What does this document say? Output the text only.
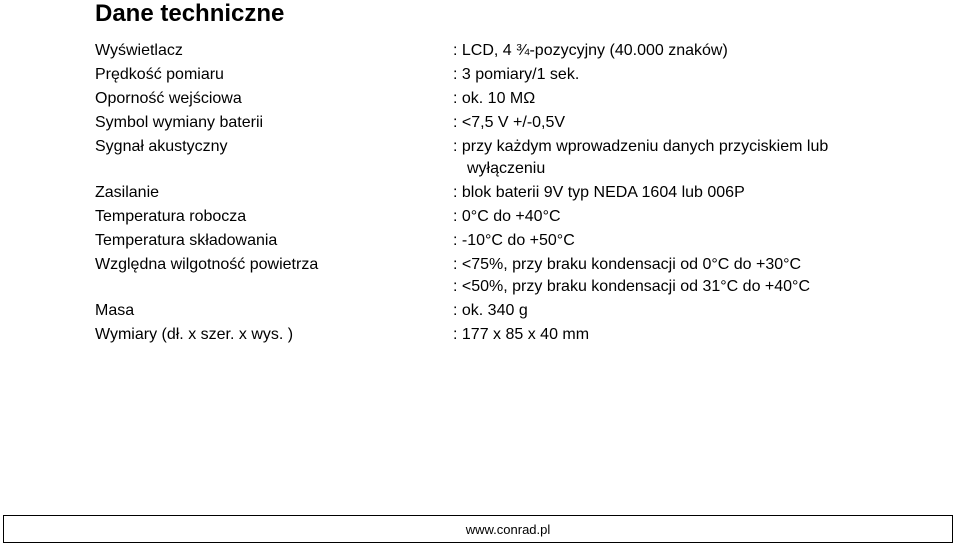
Dane techniczne
Wyświetlacz	: LCD, 4 ¾-pozycyjny (40.000 znaków)
Prędkość pomiaru	: 3 pomiary/1 sek.
Oporność wejściowa	: ok. 10 MΩ
Symbol wymiany baterii	: <7,5 V +/-0,5V
Sygnał akustyczny	: przy każdym wprowadzeniu danych przyciskiem lub
wyłączeniu
Zasilanie	: blok baterii 9V typ NEDA 1604 lub 006P
Temperatura robocza	: 0°C do +40°C
Temperatura składowania	: -10°C do +50°C
Względna wilgotność powietrza	: <75%, przy braku kondensacji od 0°C do +30°C
: <50%, przy braku kondensacji od 31°C do +40°C
Masa	: ok. 340 g
Wymiary (dł. x szer. x wys. )	: 177 x 85 x 40 mm
www.conrad.pl
